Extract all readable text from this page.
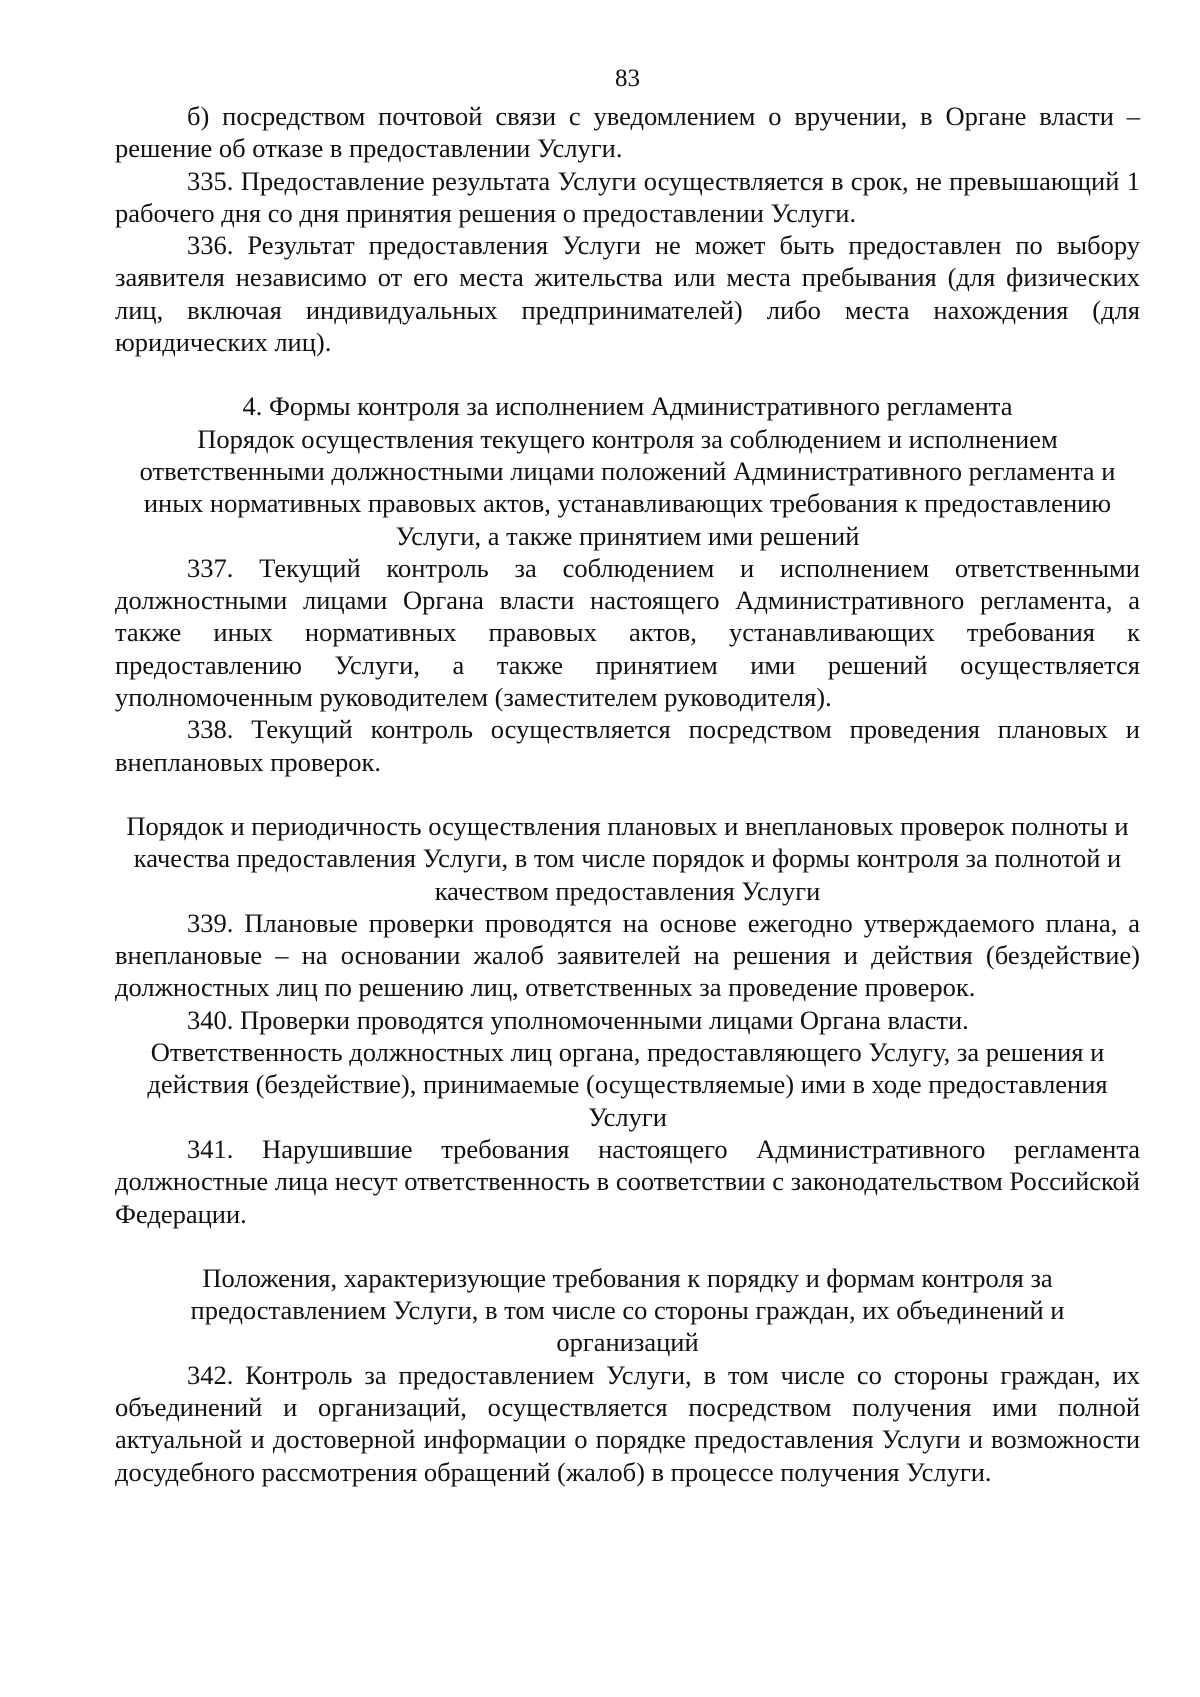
83

б) посредством почтовой связи с уведомлением о вручении, в Органе власти – решение об отказе в предоставлении Услуги.

335. Предоставление результата Услуги осуществляется в срок, не превышающий 1 рабочего дня со дня принятия решения о предоставлении Услуги.

336. Результат предоставления Услуги не может быть предоставлен по выбору заявителя независимо от его места жительства или места пребывания (для физических лиц, включая индивидуальных предпринимателей) либо места нахождения (для юридических лиц).

4. Формы контроля за исполнением Административного регламента

Порядок осуществления текущего контроля за соблюдением и исполнением ответственными должностными лицами положений Административного регламента и иных нормативных правовых актов, устанавливающих требования к предоставлению Услуги, а также принятием ими решений

337. Текущий контроль за соблюдением и исполнением ответственными должностными лицами Органа власти настоящего Административного регламента, а также иных нормативных правовых актов, устанавливающих требования к предоставлению Услуги, а также принятием ими решений осуществляется уполномоченным руководителем (заместителем руководителя).

338. Текущий контроль осуществляется посредством проведения плановых и внеплановых проверок.

Порядок и периодичность осуществления плановых и внеплановых проверок полноты и качества предоставления Услуги, в том числе порядок и формы контроля за полнотой и качеством предоставления Услуги

339. Плановые проверки проводятся на основе ежегодно утверждаемого плана, а внеплановые – на основании жалоб заявителей на решения и действия (бездействие) должностных лиц по решению лиц, ответственных за проведение проверок.

340. Проверки проводятся уполномоченными лицами Органа власти.

Ответственность должностных лиц органа, предоставляющего Услугу, за решения и действия (бездействие), принимаемые (осуществляемые) ими в ходе предоставления Услуги

341. Нарушившие требования настоящего Административного регламента должностные лица несут ответственность в соответствии с законодательством Российской Федерации.

Положения, характеризующие требования к порядку и формам контроля за предоставлением Услуги, в том числе со стороны граждан, их объединений и организаций

342. Контроль за предоставлением Услуги, в том числе со стороны граждан, их объединений и организаций, осуществляется посредством получения ими полной актуальной и достоверной информации о порядке предоставления Услуги и возможности досудебного рассмотрения обращений (жалоб) в процессе получения Услуги.
